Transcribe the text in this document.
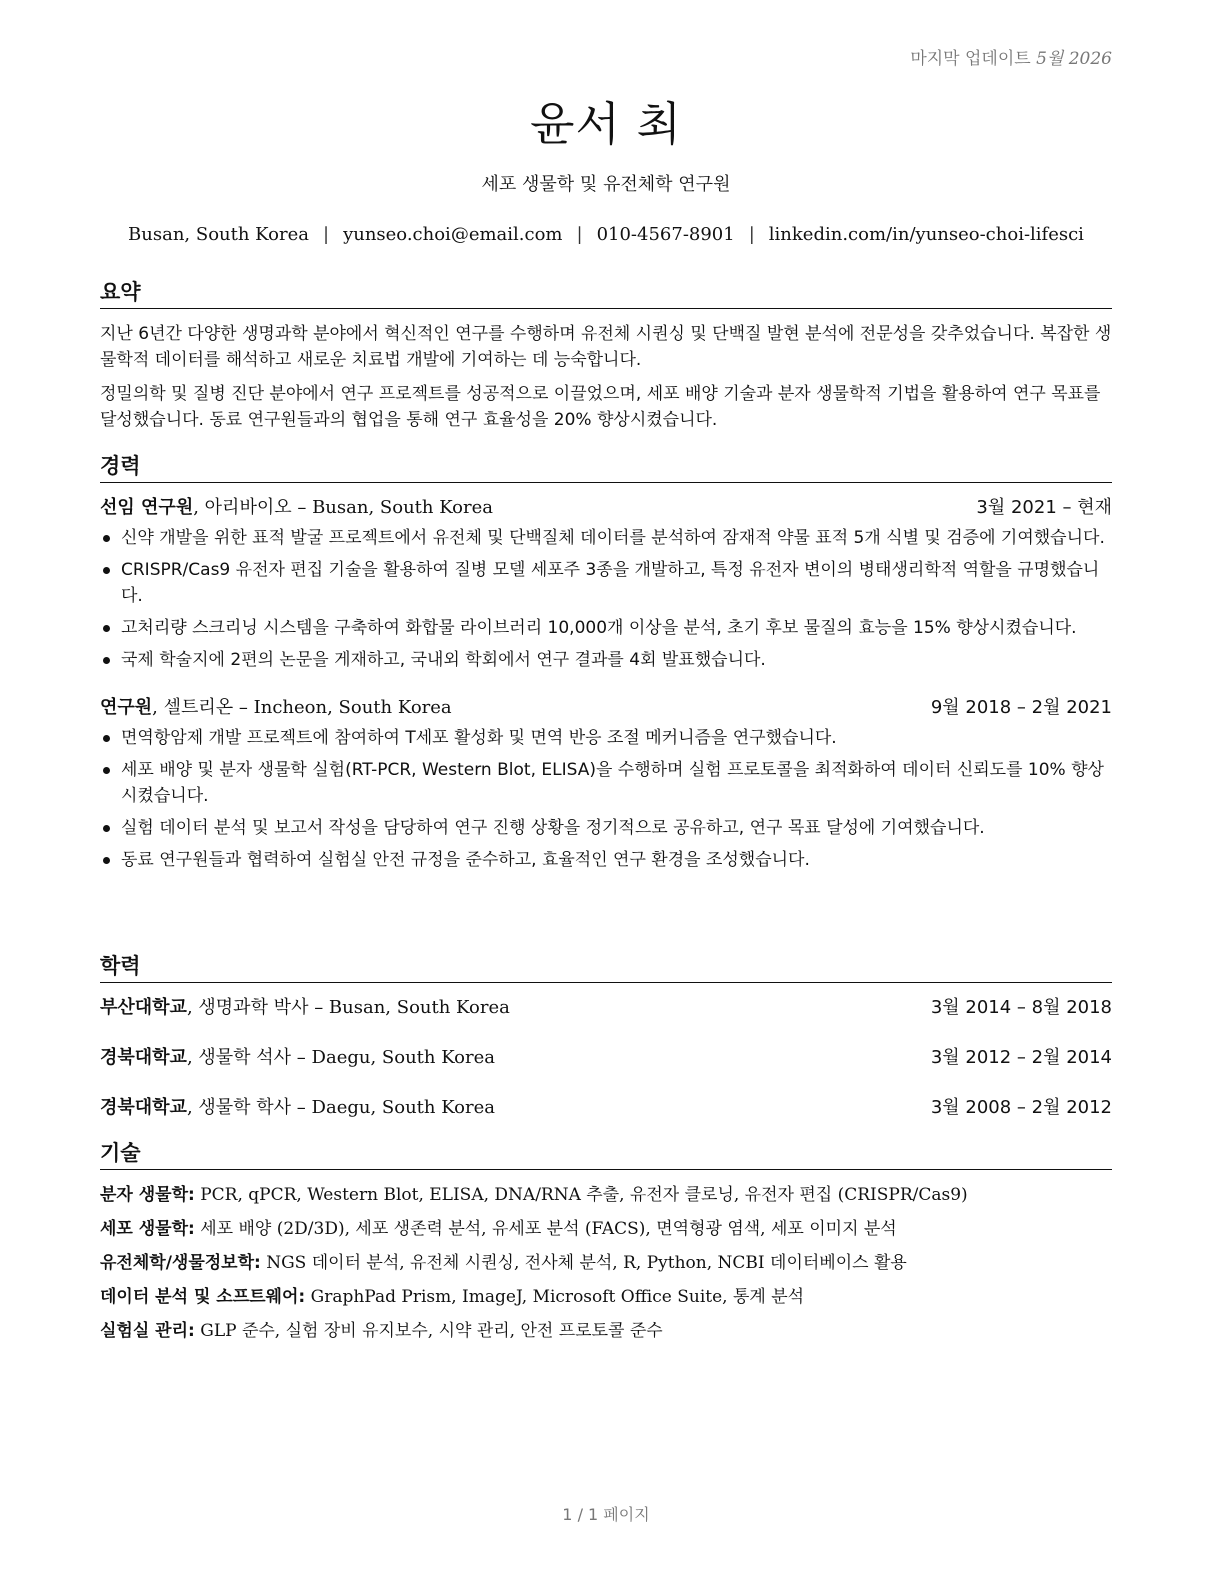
마지막 업데이트 5월 2026
윤서 최
세포 생물학 및 유전체학 연구원
Busan, South Korea | yunseo.choi@email.com | 010-4567-8901 | linkedin.com/in/yunseo-choi-lifesci
요약

지난 6년간 다양한 생명과학 분야에서 혁신적인 연구를 수행하며 유전체 시퀀싱 및 단백질 발현 분석에 전문성을 갖추었습니다. 복잡한 생물학적 데이터를 해석하고 새로운 치료법 개발에 기여하는 데 능숙합니다.

정밀의학 및 질병 진단 분야에서 연구 프로젝트를 성공적으로 이끌었으며, 세포 배양 기술과 분자 생물학적 기법을 활용하여 연구 목표를 달성했습니다. 동료 연구원들과의 협업을 통해 연구 효율성을 20% 향상시켰습니다.

경력
선임 연구원, 아리바이오 – Busan, South Korea	3월 2021 – 현재
신약 개발을 위한 표적 발굴 프로젝트에서 유전체 및 단백질체 데이터를 분석하여 잠재적 약물 표적 5개 식별 및 검증에 기여했습니다.
CRISPR/Cas9 유전자 편집 기술을 활용하여 질병 모델 세포주 3종을 개발하고, 특정 유전자 변이의 병태생리학적 역할을 규명했습니다.
고처리량 스크리닝 시스템을 구축하여 화합물 라이브러리 10,000개 이상을 분석, 초기 후보 물질의 효능을 15% 향상시켰습니다.
국제 학술지에 2편의 논문을 게재하고, 국내외 학회에서 연구 결과를 4회 발표했습니다.
연구원, 셀트리온 – Incheon, South Korea	9월 2018 – 2월 2021
면역항암제 개발 프로젝트에 참여하여 T세포 활성화 및 면역 반응 조절 메커니즘을 연구했습니다.
세포 배양 및 분자 생물학 실험(RT-PCR, Western Blot, ELISA)을 수행하며 실험 프로토콜을 최적화하여 데이터 신뢰도를 10% 향상시켰습니다.
실험 데이터 분석 및 보고서 작성을 담당하여 연구 진행 상황을 정기적으로 공유하고, 연구 목표 달성에 기여했습니다.
동료 연구원들과 협력하여 실험실 안전 규정을 준수하고, 효율적인 연구 환경을 조성했습니다.
학력
부산대학교, 생명과학 박사 – Busan, South Korea	3월 2014 – 8월 2018
경북대학교, 생물학 석사 – Daegu, South Korea	3월 2012 – 2월 2014
경북대학교, 생물학 학사 – Daegu, South Korea	3월 2008 – 2월 2012
기술
분자 생물학: PCR, qPCR, Western Blot, ELISA, DNA/RNA 추출, 유전자 클로닝, 유전자 편집 (CRISPR/Cas9)
세포 생물학: 세포 배양 (2D/3D), 세포 생존력 분석, 유세포 분석 (FACS), 면역형광 염색, 세포 이미지 분석
유전체학/생물정보학: NGS 데이터 분석, 유전체 시퀀싱, 전사체 분석, R, Python, NCBI 데이터베이스 활용
데이터 분석 및 소프트웨어: GraphPad Prism, ImageJ, Microsoft Office Suite, 통계 분석
실험실 관리: GLP 준수, 실험 장비 유지보수, 시약 관리, 안전 프로토콜 준수
1 / 1 페이지
